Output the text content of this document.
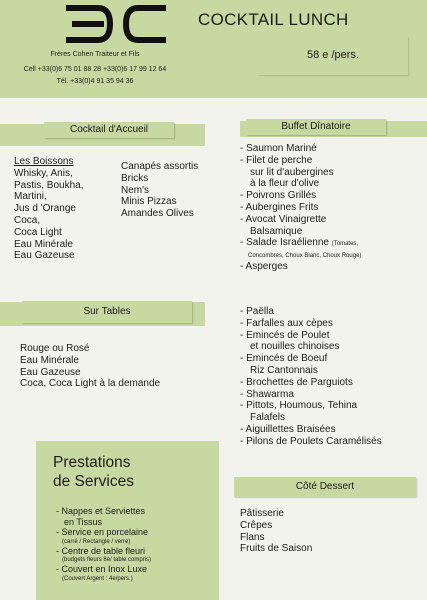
Frères Cohen Traiteur et Fils
Cell +33(0)6 75 01 88 28 +33(0)6 17 99 12 64
Tél. +33(0)4 91 35 94 36
COCKTAIL LUNCH
58 e /pers.
Cocktail d'Accueil
Les Boissons
Whisky, Anis,
Pastis, Boukha,
Martini,
Jus d 'Orange
Coca,
Coca Light
Eau Minérale
Eau Gazeuse
Canapés assortis
Bricks
Nem's
Minis Pizzas
Amandes Olives
Sur Tables
Rouge ou Rosé
Eau Minérale
Eau Gazeuse
Coca, Coca Light à la demande
Prestations
de Services
- Nappes et Serviettes
en Tissus
- Service en porcelaine
(carré / Rectangle / verre)
- Centre de table fleuri
(budgets fleurs 8e/ table compris)
- Couvert en Inox Luxe
(Couvert Argent : 4e/pers.)
Buffet Dînatoire
- Saumon Mariné
- Filet de perche
sur lit d'aubergines
à la fleur d'olive
- Poivrons Grillés
- Aubergines Frits
- Avocat Vinaigrette
Balsamique
- Salade Israélienne (Tomates,
Concombres, Choux Blanc, Choux Rouge)
- Asperges
- Paëlla
- Farfalles aux cèpes
- Emincés de Poulet
et nouilles chinoises
- Emincés de Boeuf
Riz Cantonnais
- Brochettes de Parguiots
- Shawarma
- Pittots, Houmous, Tehina
Falafels
- Aiguillettes Braisées
- Pilons de Poulets Caramélisés
Côté Dessert
Pâtisserie
Crêpes
Flans
Fruits de Saison
